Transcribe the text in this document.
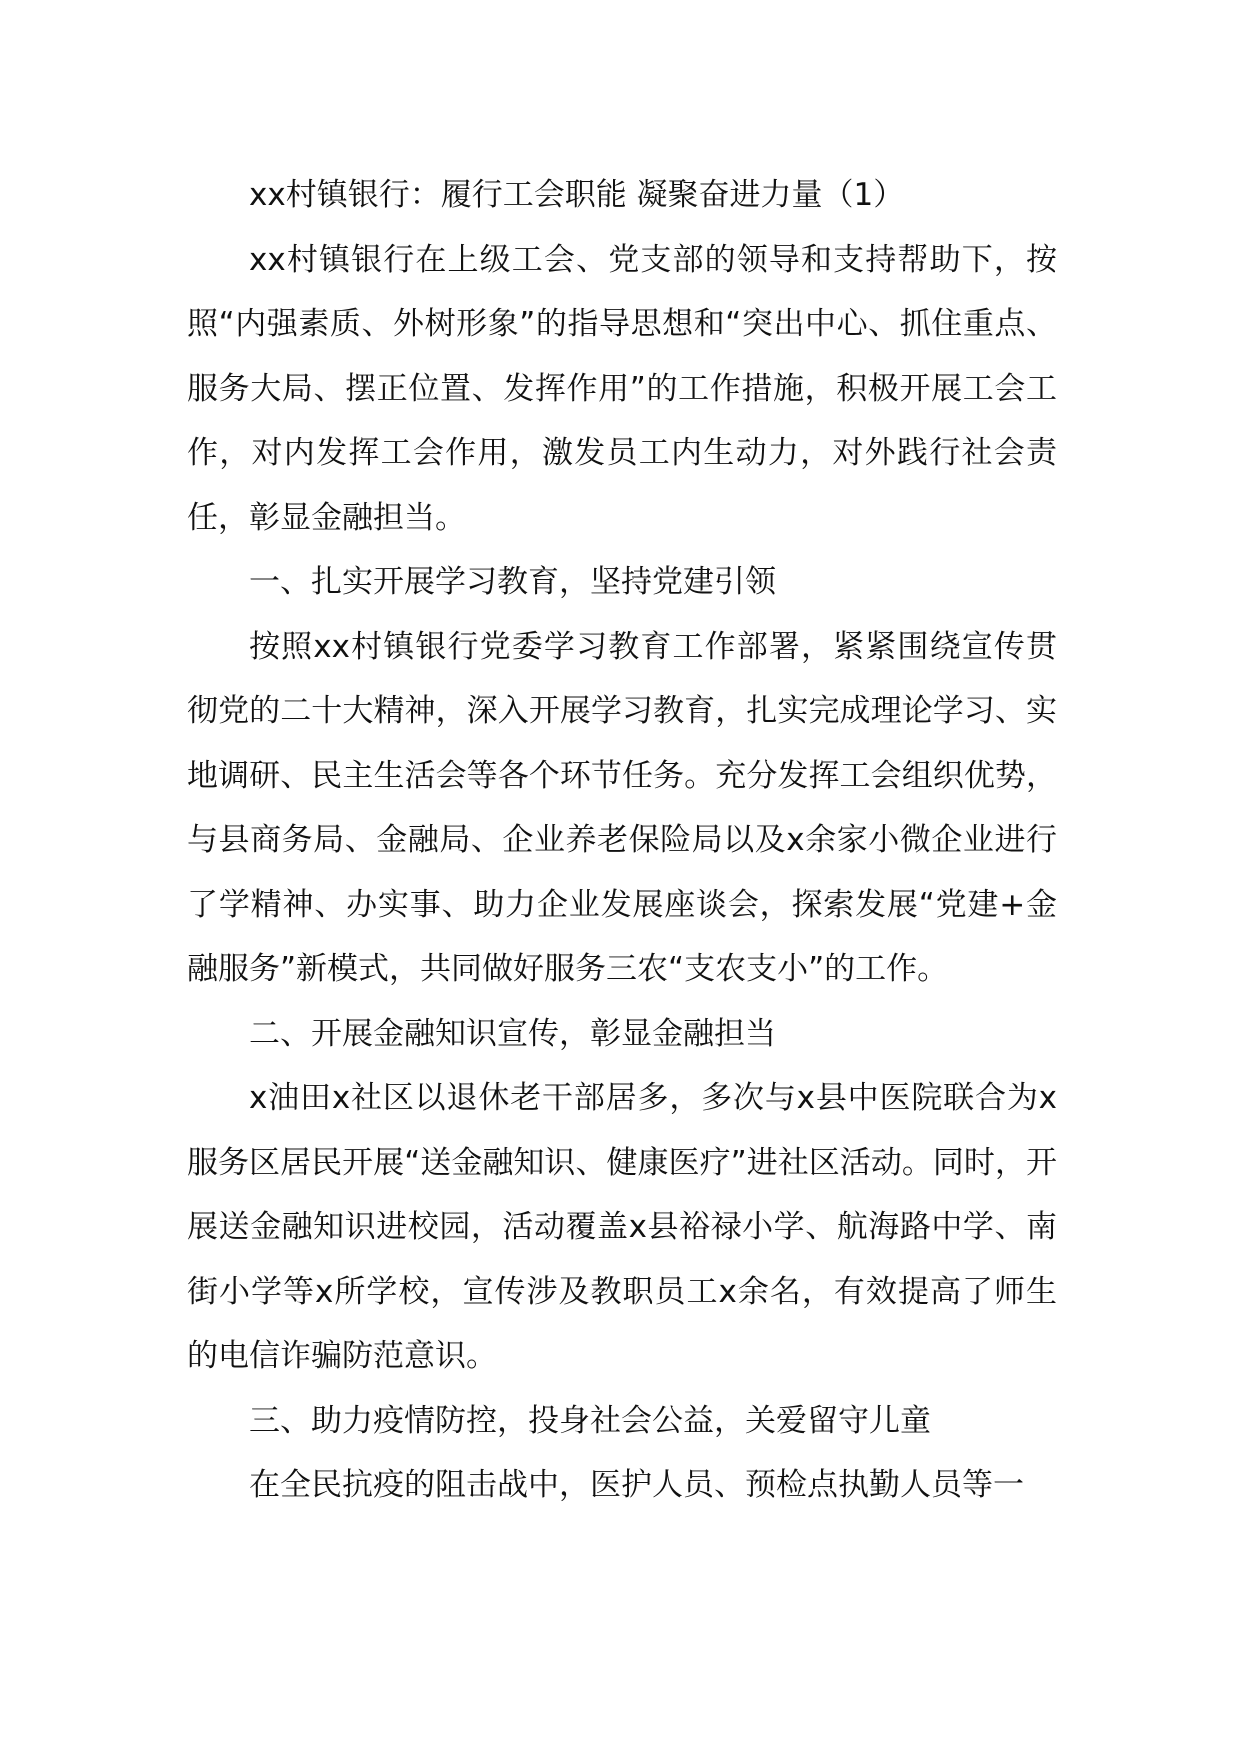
xx村镇银行：履行工会职能 凝聚奋进力量（1）

xx村镇银行在上级工会、党支部的领导和支持帮助下，按照“内强素质、外树形象”的指导思想和“突出中心、抓住重点、服务大局、摆正位置、发挥作用”的工作措施，积极开展工会工作，对内发挥工会作用，激发员工内生动力，对外践行社会责任，彰显金融担当。

一、扎实开展学习教育，坚持党建引领

按照xx村镇银行党委学习教育工作部署，紧紧围绕宣传贯彻党的二十大精神，深入开展学习教育，扎实完成理论学习、实地调研、民主生活会等各个环节任务。充分发挥工会组织优势，与县商务局、金融局、企业养老保险局以及x余家小微企业进行了学精神、办实事、助力企业发展座谈会，探索发展“党建+金融服务”新模式，共同做好服务三农“支农支小”的工作。

二、开展金融知识宣传，彰显金融担当

x油田x社区以退休老干部居多，多次与x县中医院联合为x服务区居民开展“送金融知识、健康医疗”进社区活动。同时，开展送金融知识进校园，活动覆盖x县裕禄小学、航海路中学、南街小学等x所学校，宣传涉及教职员工x余名，有效提高了师生的电信诈骗防范意识。

三、助力疫情防控，投身社会公益，关爱留守儿童

在全民抗疫的阻击战中，医护人员、预检点执勤人员等一
